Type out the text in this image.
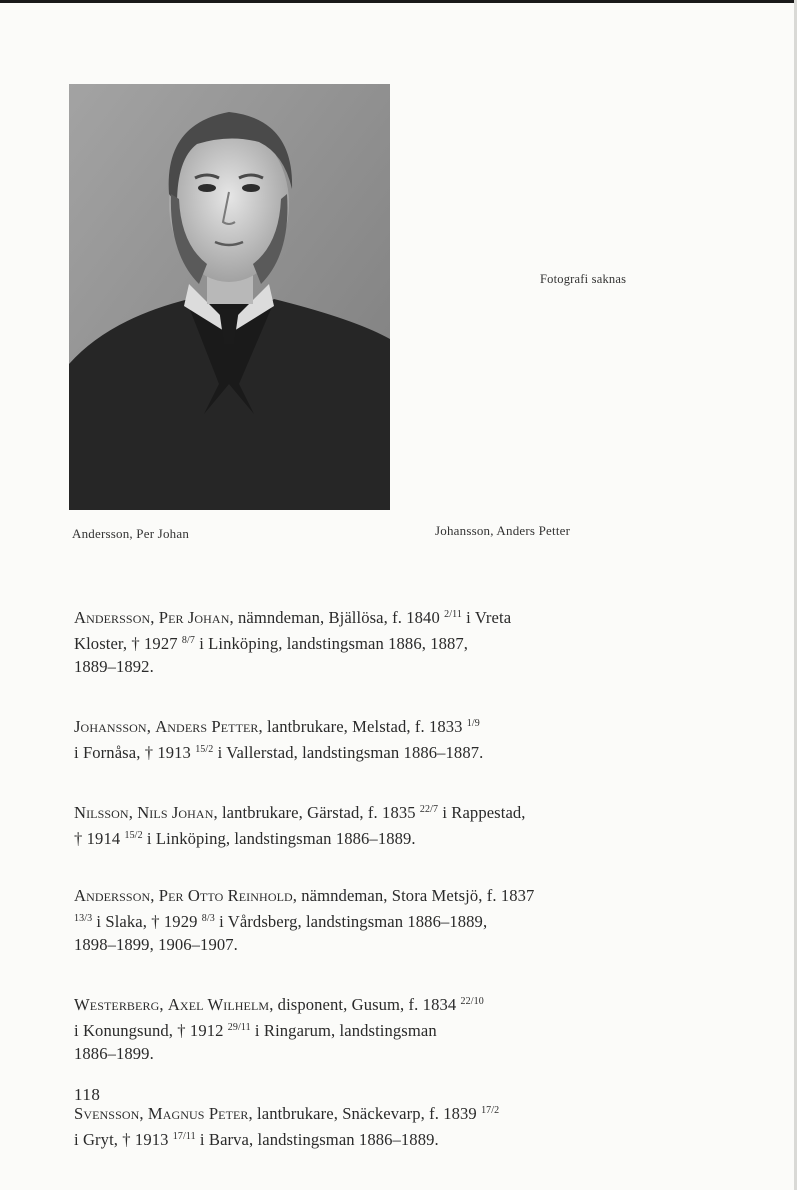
Andersson, Per Johan	Johansson, Anders Petter
Fotografi saknas
Andersson, Per Johan, nämndeman, Bjällösa, f. 1840 $^{2/11}$ i Vreta
Kloster, † 1927 $^{8/7}$ i Linköping, landstingsman 1886, 1887,
1889–1892.
Johansson, Anders Petter, lantbrukare, Melstad, f. 1833 $^{1/9}$
i Fornåsa, † 1913 $^{15/2}$ i Vallerstad, landstingsman 1886–1887.
Nilsson, Nils Johan, lantbrukare, Gärstad, f. 1835 $^{22/7}$ i Rappestad,
† 1914 $^{15/2}$ i Linköping, landstingsman 1886–1889.
Andersson, Per Otto Reinhold, nämndeman, Stora Metsjö, f. 1837
$^{13/3}$ i Slaka, † 1929 $^{8/3}$ i Vårdsberg, landstingsman 1886–1889,
1898–1899, 1906–1907.
Westerberg, Axel Wilhelm, disponent, Gusum, f. 1834 $^{22/10}$
i Konungsund, † 1912 $^{29/11}$ i Ringarum, landstingsman
1886–1899.
Svensson, Magnus Peter, lantbrukare, Snäckevarp, f. 1839 $^{17/2}$
i Gryt, † 1913 $^{17/11}$ i Barva, landstingsman 1886–1889.
118
